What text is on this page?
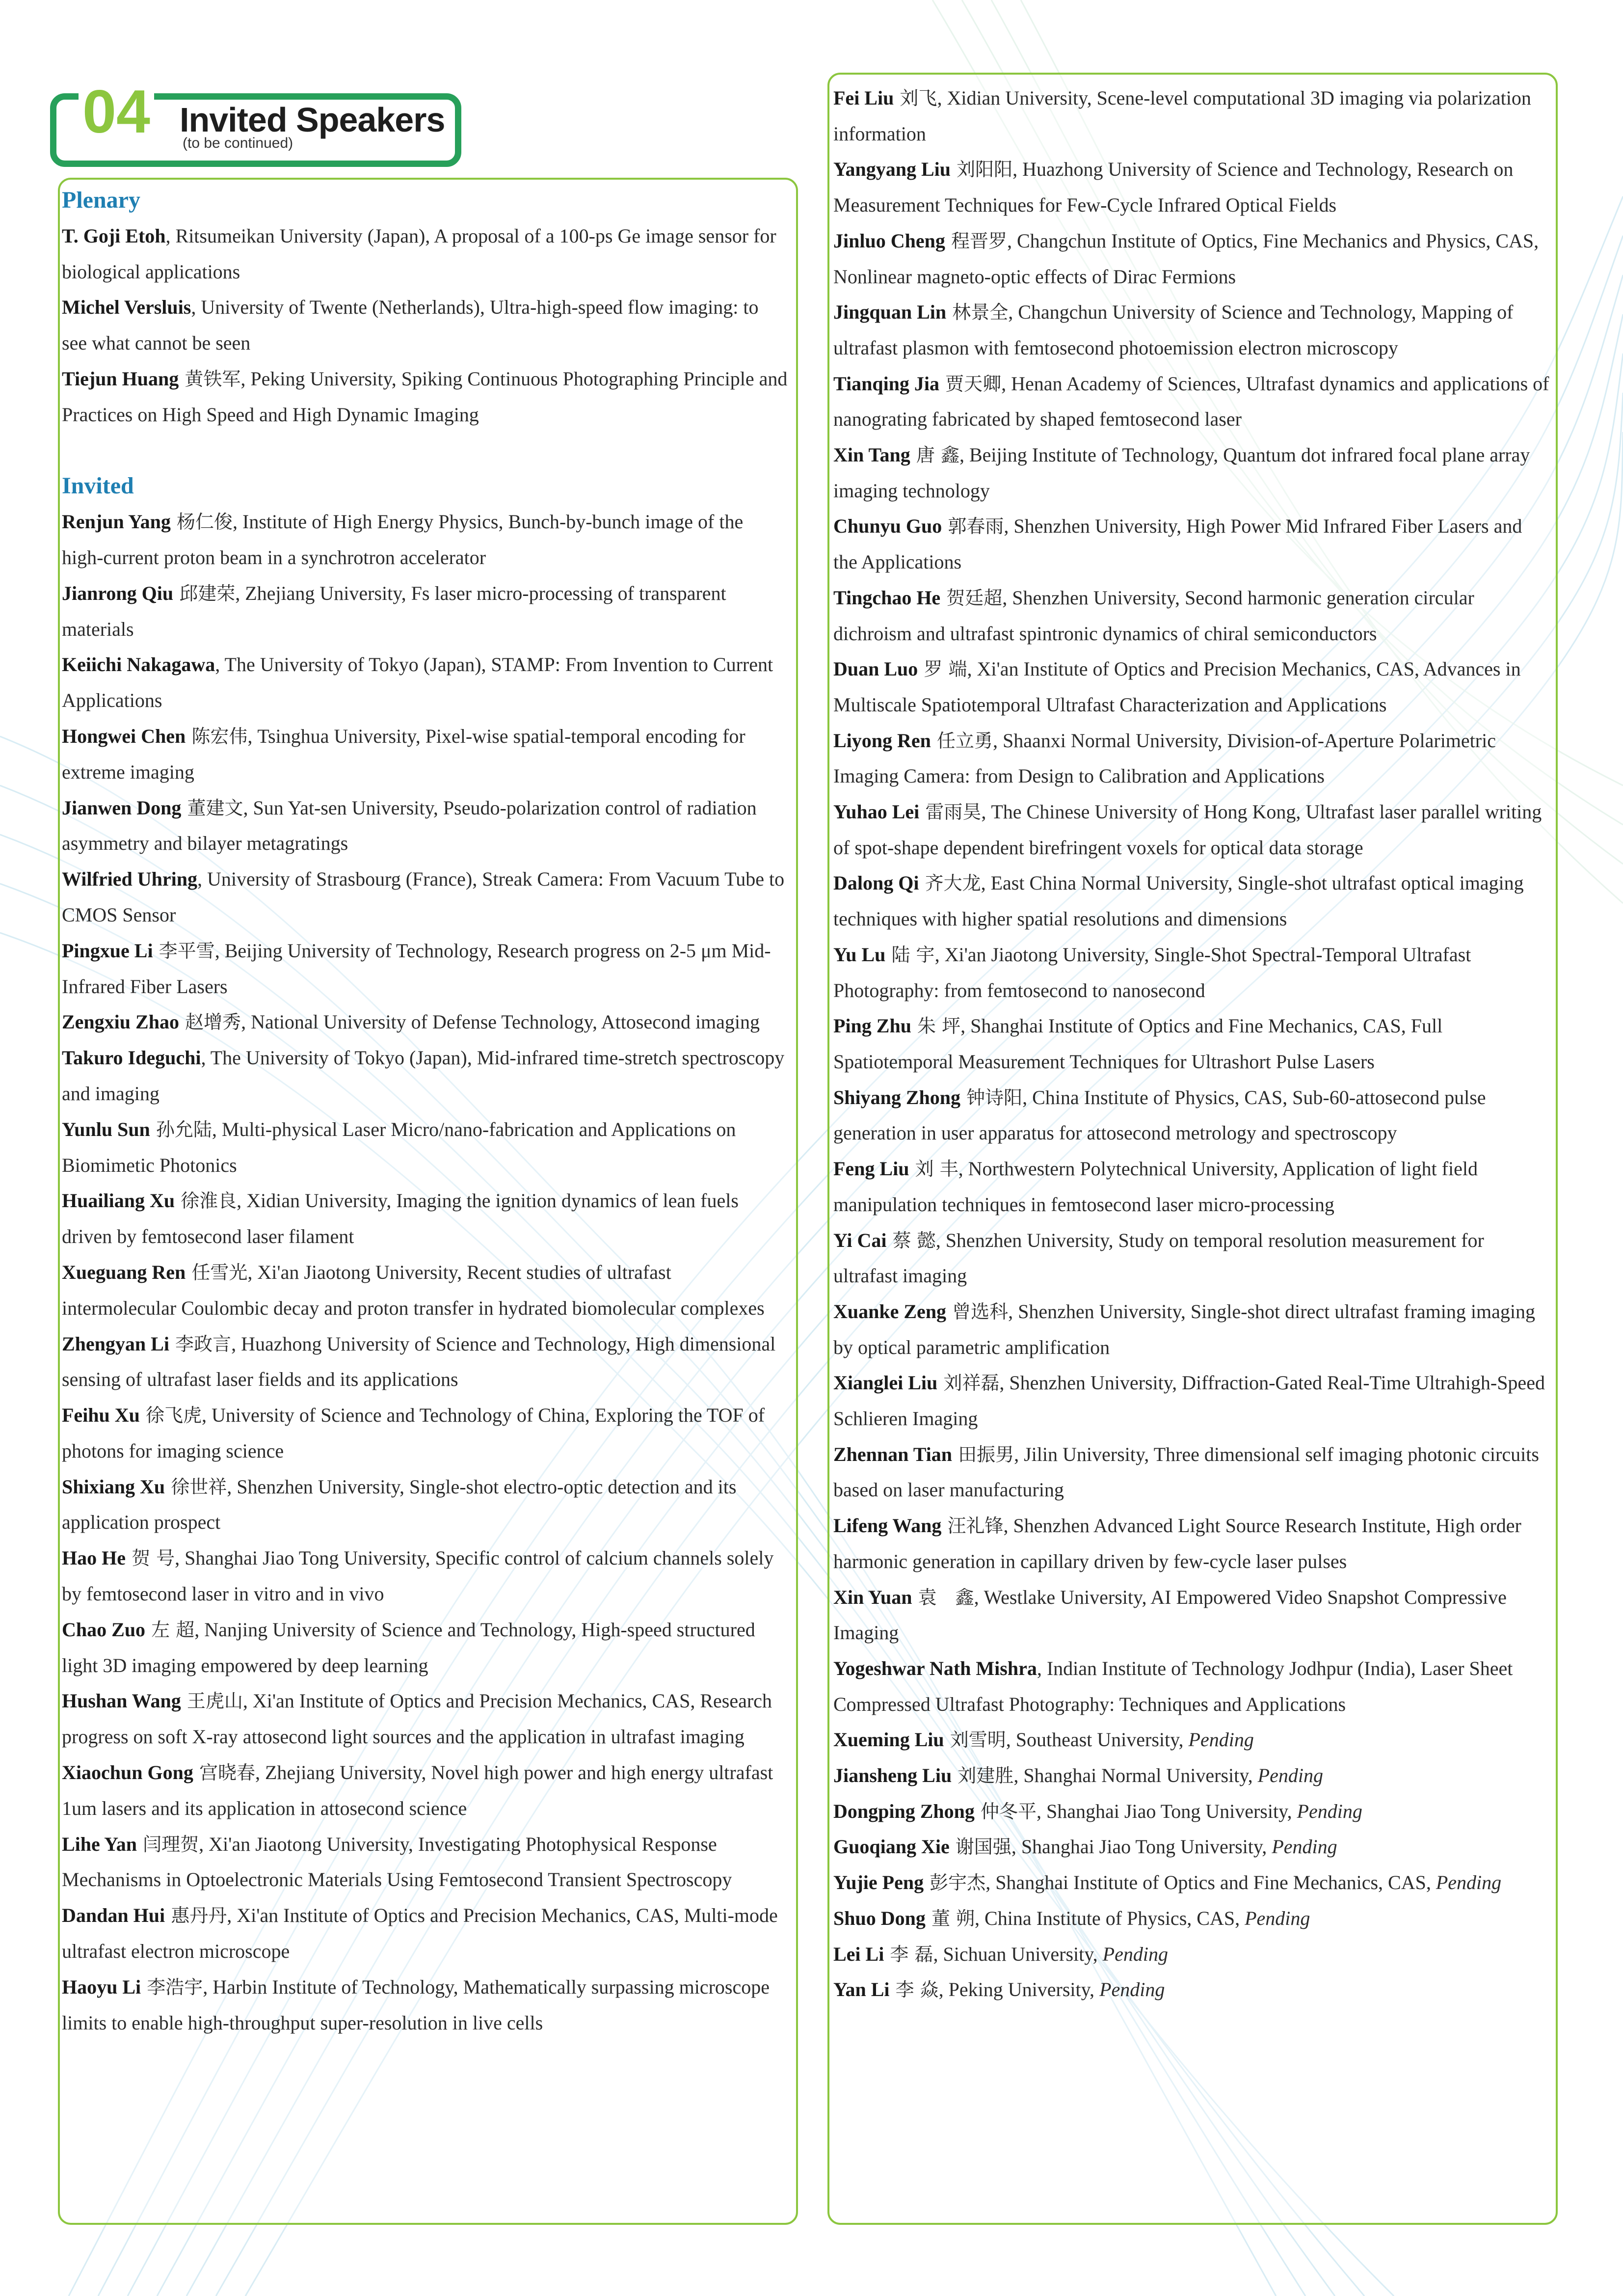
04 Invited Speakers
(to be continued)

Plenary

T. Goji Etoh, Ritsumeikan University (Japan), A proposal of a 100-ps Ge image sensor for biological applications

Michel Versluis, University of Twente (Netherlands), Ultra-high-speed flow imaging: to see what cannot be seen

Tiejun Huang 黄铁军, Peking University, Spiking Continuous Photographing Principle and Practices on High Speed and High Dynamic Imaging

Invited

Renjun Yang 杨仁俊, Institute of High Energy Physics, Bunch-by-bunch image of the high-current proton beam in a synchrotron accelerator

Jianrong Qiu 邱建荣, Zhejiang University, Fs laser micro-processing of transparent materials

Keiichi Nakagawa, The University of Tokyo (Japan), STAMP: From Invention to Current Applications

Hongwei Chen 陈宏伟, Tsinghua University, Pixel-wise spatial-temporal encoding for extreme imaging

Jianwen Dong 董建文, Sun Yat-sen University, Pseudo-polarization control of radiation asymmetry and bilayer metagratings

Wilfried Uhring, University of Strasbourg (France), Streak Camera: From Vacuum Tube to CMOS Sensor

Pingxue Li 李平雪, Beijing University of Technology, Research progress on 2-5 μm Mid-Infrared Fiber Lasers

Zengxiu Zhao 赵增秀, National University of Defense Technology, Attosecond imaging

Takuro Ideguchi, The University of Tokyo (Japan), Mid-infrared time-stretch spectroscopy and imaging

Yunlu Sun 孙允陆, Multi-physical Laser Micro/nano-fabrication and Applications on Biomimetic Photonics

Huailiang Xu 徐淮良, Xidian University, Imaging the ignition dynamics of lean fuels driven by femtosecond laser filament

Xueguang Ren 任雪光, Xi'an Jiaotong University, Recent studies of ultrafast intermolecular Coulombic decay and proton transfer in hydrated biomolecular complexes

Zhengyan Li 李政言, Huazhong University of Science and Technology, High dimensional sensing of ultrafast laser fields and its applications

Feihu Xu 徐飞虎, University of Science and Technology of China, Exploring the TOF of photons for imaging science

Shixiang Xu 徐世祥, Shenzhen University, Single-shot electro-optic detection and its application prospect

Hao He 贺 号, Shanghai Jiao Tong University, Specific control of calcium channels solely by femtosecond laser in vitro and in vivo

Chao Zuo 左 超, Nanjing University of Science and Technology, High-speed structured light 3D imaging empowered by deep learning

Hushan Wang 王虎山, Xi'an Institute of Optics and Precision Mechanics, CAS, Research progress on soft X-ray attosecond light sources and the application in ultrafast imaging

Xiaochun Gong 宫晓春, Zhejiang University, Novel high power and high energy ultrafast 1um lasers and its application in attosecond science

Lihe Yan 闫理贺, Xi'an Jiaotong University, Investigating Photophysical Response Mechanisms in Optoelectronic Materials Using Femtosecond Transient Spectroscopy

Dandan Hui 惠丹丹, Xi'an Institute of Optics and Precision Mechanics, CAS, Multi-mode ultrafast electron microscope

Haoyu Li 李浩宇, Harbin Institute of Technology, Mathematically surpassing microscope limits to enable high-throughput super-resolution in live cells

Fei Liu 刘飞, Xidian University, Scene-level computational 3D imaging via polarization information

Yangyang Liu 刘阳阳, Huazhong University of Science and Technology, Research on Measurement Techniques for Few-Cycle Infrared Optical Fields

Jinluo Cheng 程晋罗, Changchun Institute of Optics, Fine Mechanics and Physics, CAS, Nonlinear magneto-optic effects of Dirac Fermions

Jingquan Lin 林景全, Changchun University of Science and Technology, Mapping of ultrafast plasmon with femtosecond photoemission electron microscopy

Tianqing Jia 贾天卿, Henan Academy of Sciences, Ultrafast dynamics and applications of nanograting fabricated by shaped femtosecond laser

Xin Tang 唐 鑫, Beijing Institute of Technology, Quantum dot infrared focal plane array imaging technology

Chunyu Guo 郭春雨, Shenzhen University, High Power Mid Infrared Fiber Lasers and the Applications

Tingchao He 贺廷超, Shenzhen University, Second harmonic generation circular dichroism and ultrafast spintronic dynamics of chiral semiconductors

Duan Luo 罗 端, Xi'an Institute of Optics and Precision Mechanics, CAS, Advances in Multiscale Spatiotemporal Ultrafast Characterization and Applications

Liyong Ren 任立勇, Shaanxi Normal University, Division-of-Aperture Polarimetric Imaging Camera: from Design to Calibration and Applications

Yuhao Lei 雷雨昊, The Chinese University of Hong Kong, Ultrafast laser parallel writing of spot-shape dependent birefringent voxels for optical data storage

Dalong Qi 齐大龙, East China Normal University, Single-shot ultrafast optical imaging techniques with higher spatial resolutions and dimensions

Yu Lu 陆 宇, Xi'an Jiaotong University, Single-Shot Spectral-Temporal Ultrafast Photography: from femtosecond to nanosecond

Ping Zhu 朱 坪, Shanghai Institute of Optics and Fine Mechanics, CAS, Full Spatiotemporal Measurement Techniques for Ultrashort Pulse Lasers

Shiyang Zhong 钟诗阳, China Institute of Physics, CAS, Sub-60-attosecond pulse generation in user apparatus for attosecond metrology and spectroscopy

Feng Liu 刘 丰, Northwestern Polytechnical University, Application of light field manipulation techniques in femtosecond laser micro-processing

Yi Cai 蔡 懿, Shenzhen University, Study on temporal resolution measurement for ultrafast imaging

Xuanke Zeng 曾选科, Shenzhen University, Single-shot direct ultrafast framing imaging by optical parametric amplification

Xianglei Liu 刘祥磊, Shenzhen University, Diffraction-Gated Real-Time Ultrahigh-Speed Schlieren Imaging

Zhennan Tian 田振男, Jilin University, Three dimensional self imaging photonic circuits based on laser manufacturing

Lifeng Wang 汪礼锋, Shenzhen Advanced Light Source Research Institute, High order harmonic generation in capillary driven by few-cycle laser pulses

Xin Yuan 袁　鑫, Westlake University, AI Empowered Video Snapshot Compressive Imaging

Yogeshwar Nath Mishra, Indian Institute of Technology Jodhpur (India), Laser Sheet Compressed Ultrafast Photography: Techniques and Applications

Xueming Liu 刘雪明, Southeast University, Pending

Jiansheng Liu 刘建胜, Shanghai Normal University, Pending

Dongping Zhong 仲冬平, Shanghai Jiao Tong University, Pending

Guoqiang Xie 谢国强, Shanghai Jiao Tong University, Pending

Yujie Peng 彭宇杰, Shanghai Institute of Optics and Fine Mechanics, CAS, Pending

Shuo Dong 董 朔, China Institute of Physics, CAS, Pending

Lei Li 李 磊, Sichuan University, Pending

Yan Li 李 焱, Peking University, Pending
